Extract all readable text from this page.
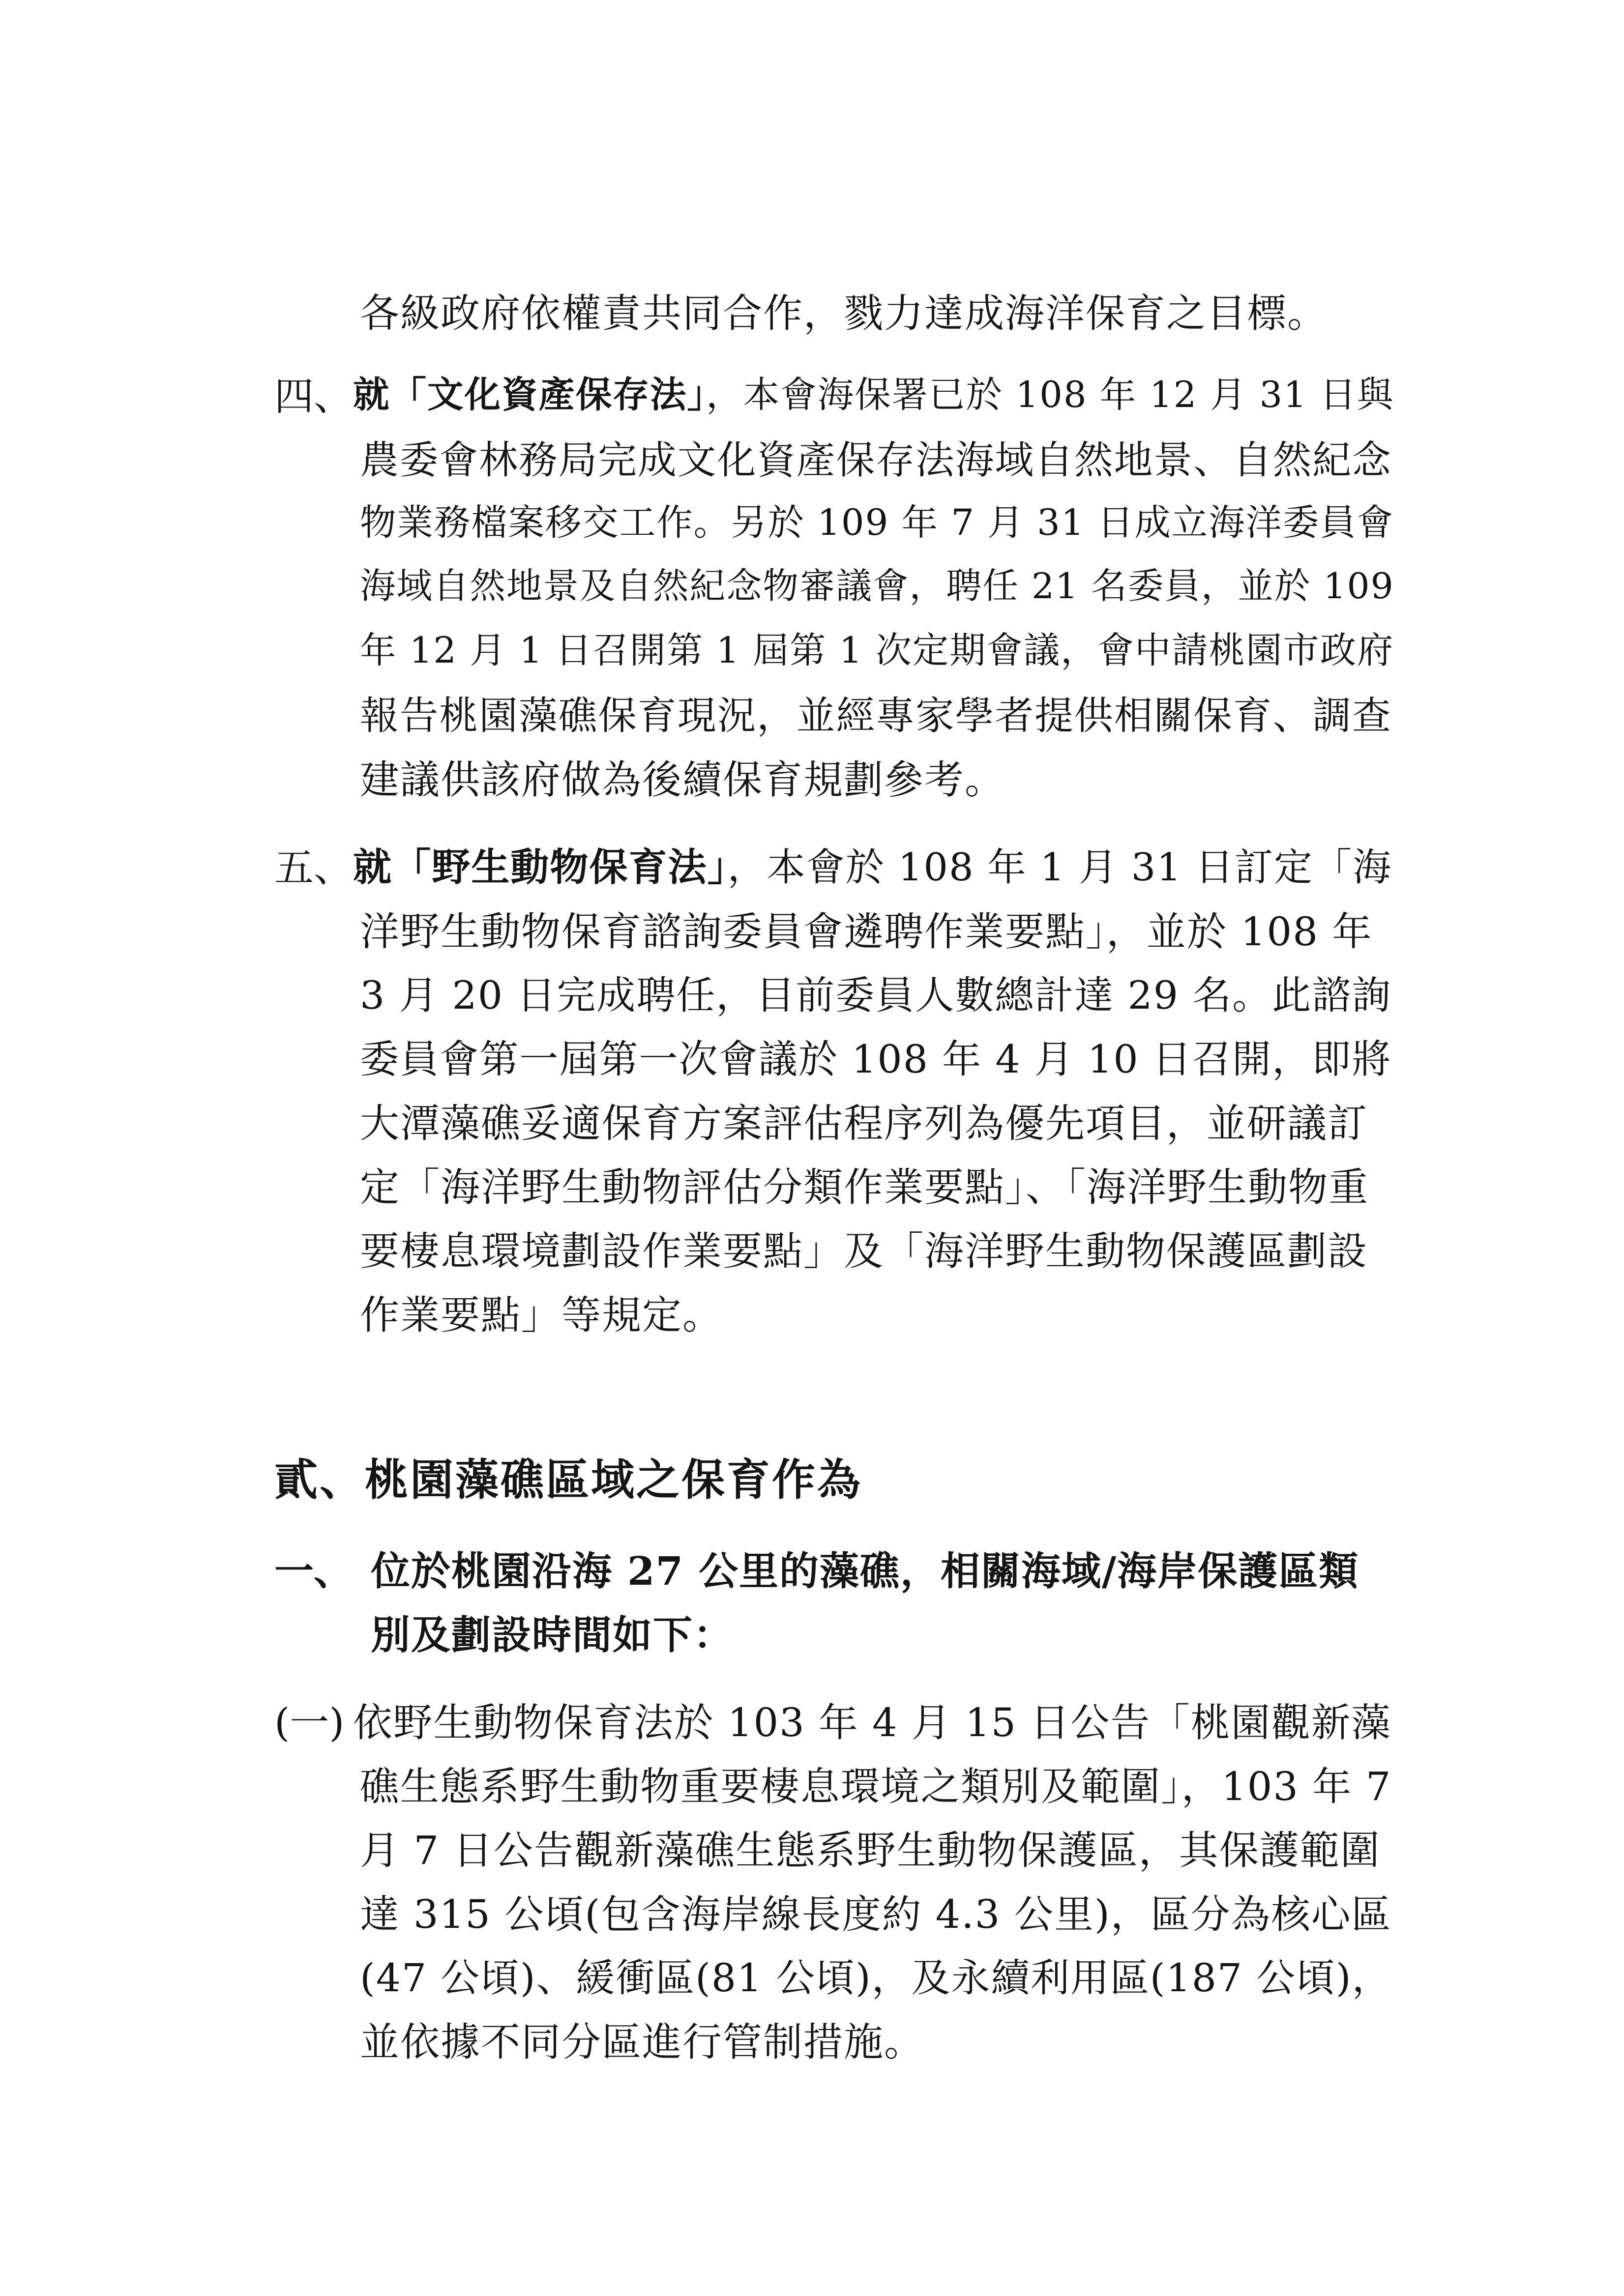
各級政府依權責共同合作，戮力達成海洋保育之目標。
四、 就「文化資產保存法」，本會海保署已於 108 年 12 月 31 日與
農委會林務局完成文化資產保存法海域自然地景、自然紀念
物業務檔案移交工作。另於 109 年 7 月 31 日成立海洋委員會
海域自然地景及自然紀念物審議會，聘任 21 名委員，並於 109
年 12 月 1 日召開第 1 屆第 1 次定期會議，會中請桃園市政府
報告桃園藻礁保育現況，並經專家學者提供相關保育、調查
建議供該府做為後續保育規劃參考。
五、 就「野生動物保育法」，本會於 108 年 1 月 31 日訂定「海
洋野生動物保育諮詢委員會遴聘作業要點」，並於 108 年
3 月 20 日完成聘任，目前委員人數總計達 29 名。此諮詢
委員會第一屆第一次會議於 108 年 4 月 10 日召開，即將
大潭藻礁妥適保育方案評估程序列為優先項目，並研議訂
定「海洋野生動物評估分類作業要點」、「海洋野生動物重
要棲息環境劃設作業要點」及「海洋野生動物保護區劃設
作業要點」等規定。
貳、桃園藻礁區域之保育作為
一、 位於桃園沿海 27 公里的藻礁，相關海域/海岸保護區類
別及劃設時間如下：
(一) 依野生動物保育法於 103 年 4 月 15 日公告「桃園觀新藻
礁生態系野生動物重要棲息環境之類別及範圍」，103 年 7
月 7 日公告觀新藻礁生態系野生動物保護區，其保護範圍
達 315 公頃(包含海岸線長度約 4.3 公里)，區分為核心區
(47 公頃)、緩衝區(81 公頃)，及永續利用區(187 公頃)，
並依據不同分區進行管制措施。
